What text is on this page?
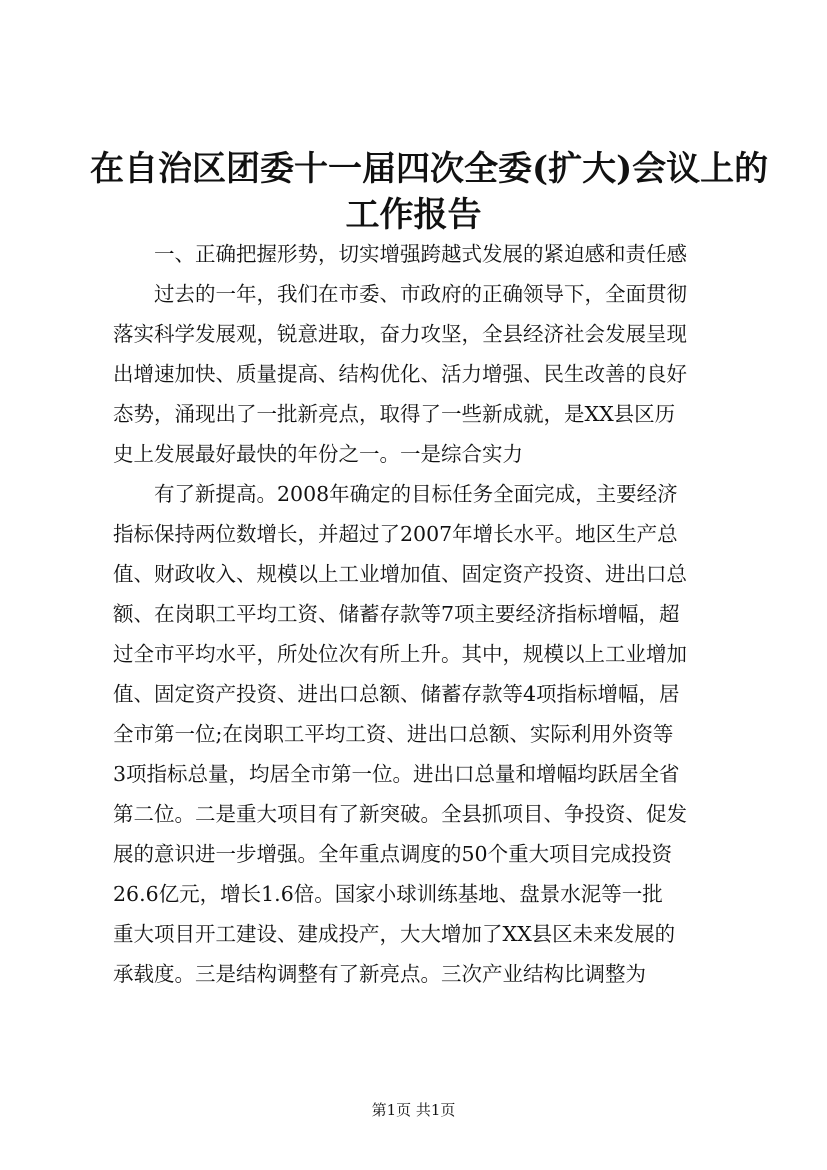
在自治区团委十一届四次全委(扩大)会议上的
工作报告
一、正确把握形势，切实增强跨越式发展的紧迫感和责任感
过去的一年，我们在市委、市政府的正确领导下，全面贯彻
落实科学发展观，锐意进取，奋力攻坚，全县经济社会发展呈现
出增速加快、质量提高、结构优化、活力增强、民生改善的良好
态势，涌现出了一批新亮点，取得了一些新成就，是XX县区历
史上发展最好最快的年份之一。一是综合实力
有了新提高。2008年确定的目标任务全面完成，主要经济
指标保持两位数增长，并超过了2007年增长水平。地区生产总
值、财政收入、规模以上工业增加值、固定资产投资、进出口总
额、在岗职工平均工资、储蓄存款等7项主要经济指标增幅，超
过全市平均水平，所处位次有所上升。其中，规模以上工业增加
值、固定资产投资、进出口总额、储蓄存款等4项指标增幅，居
全市第一位;在岗职工平均工资、进出口总额、实际利用外资等
3项指标总量，均居全市第一位。进出口总量和增幅均跃居全省
第二位。二是重大项目有了新突破。全县抓项目、争投资、促发
展的意识进一步增强。全年重点调度的50个重大项目完成投资
26.6亿元，增长1.6倍。国家小球训练基地、盘景水泥等一批
重大项目开工建设、建成投产，大大增加了XX县区未来发展的
承载度。三是结构调整有了新亮点。三次产业结构比调整为
第1页 共1页
